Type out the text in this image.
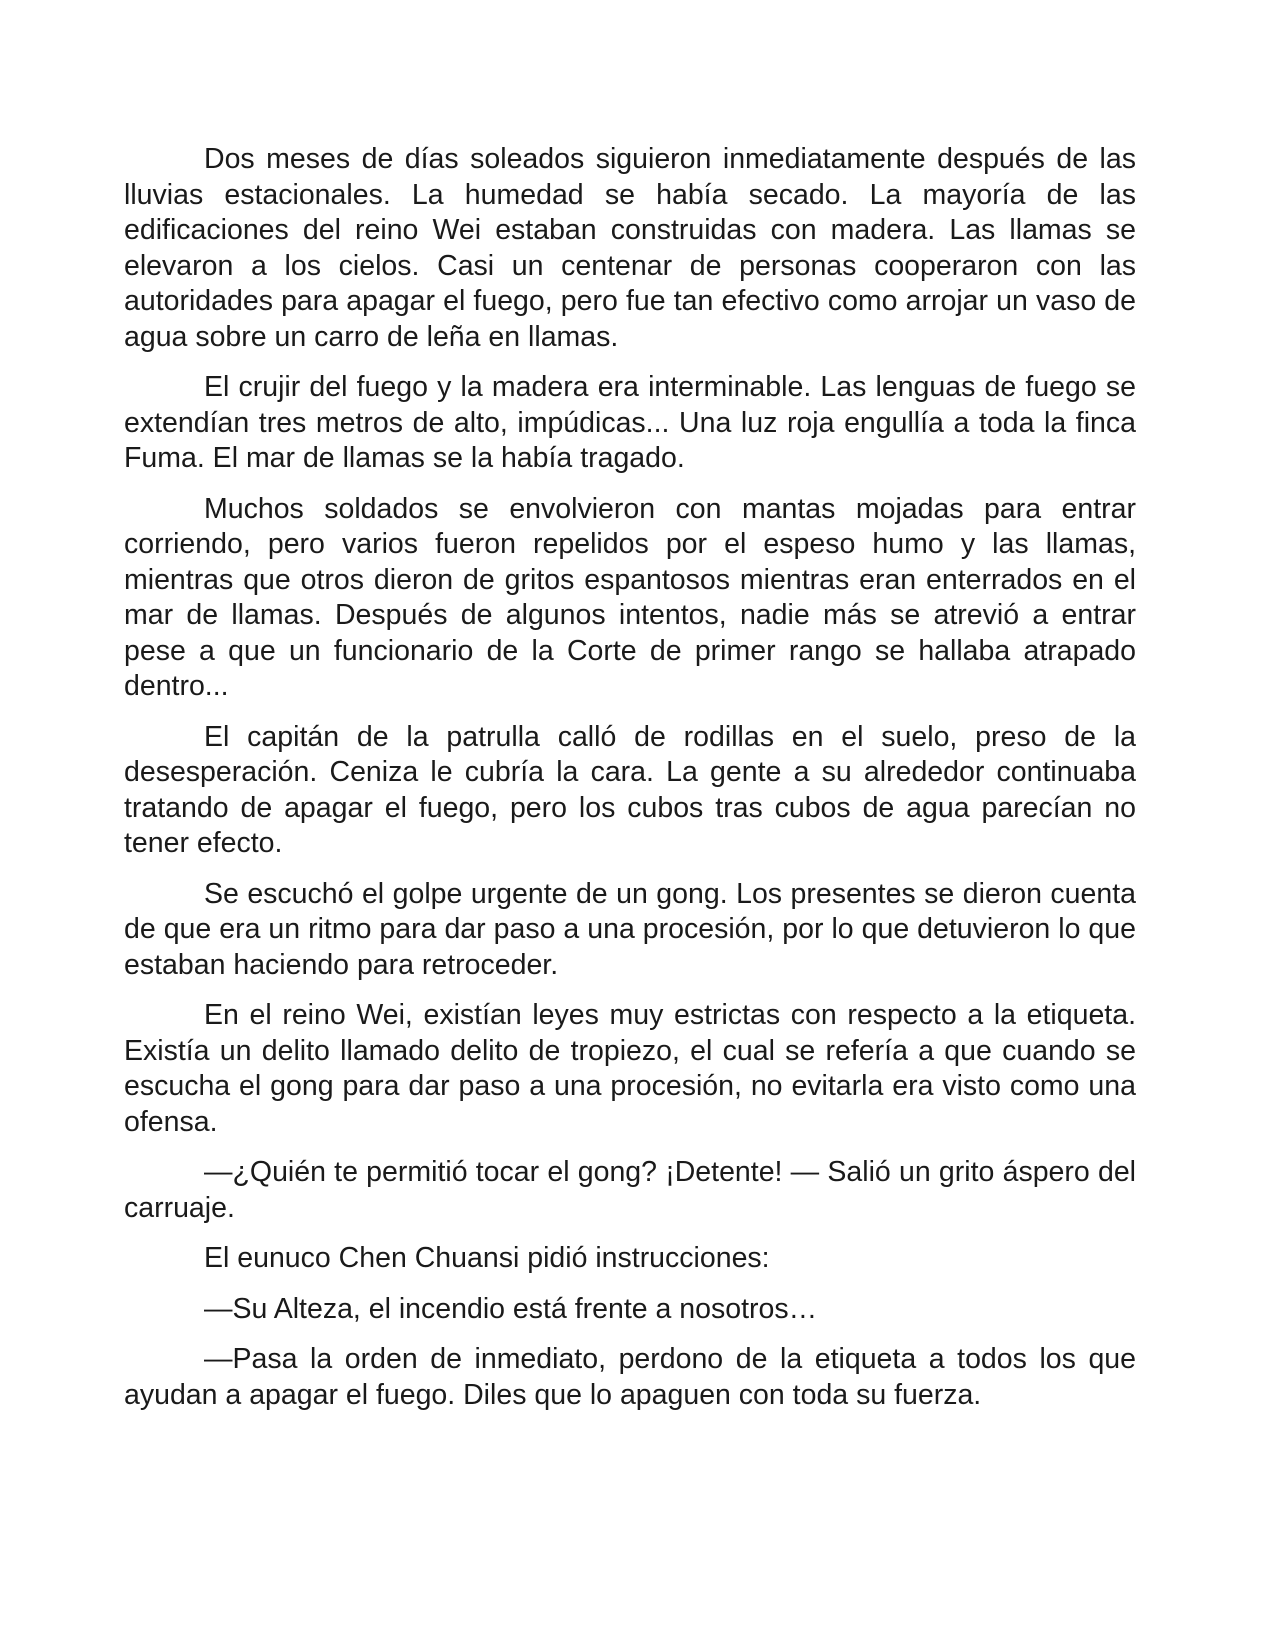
Dos meses de días soleados siguieron inmediatamente después de las lluvias estacionales. La humedad se había secado. La mayoría de las edificaciones del reino Wei estaban construidas con madera. Las llamas se elevaron a los cielos. Casi un centenar de personas cooperaron con las autoridades para apagar el fuego, pero fue tan efectivo como arrojar un vaso de agua sobre un carro de leña en llamas.

El crujir del fuego y la madera era interminable. Las lenguas de fuego se extendían tres metros de alto, impúdicas... Una luz roja engullía a toda la finca Fuma. El mar de llamas se la había tragado.

Muchos soldados se envolvieron con mantas mojadas para entrar corriendo, pero varios fueron repelidos por el espeso humo y las llamas, mientras que otros dieron de gritos espantosos mientras eran enterrados en el mar de llamas. Después de algunos intentos, nadie más se atrevió a entrar pese a que un funcionario de la Corte de primer rango se hallaba atrapado dentro...

El capitán de la patrulla calló de rodillas en el suelo, preso de la desesperación. Ceniza le cubría la cara. La gente a su alrededor continuaba tratando de apagar el fuego, pero los cubos tras cubos de agua parecían no tener efecto.

Se escuchó el golpe urgente de un gong. Los presentes se dieron cuenta de que era un ritmo para dar paso a una procesión, por lo que detuvieron lo que estaban haciendo para retroceder.

En el reino Wei, existían leyes muy estrictas con respecto a la etiqueta. Existía un delito llamado delito de tropiezo, el cual se refería a que cuando se escucha el gong para dar paso a una procesión, no evitarla era visto como una ofensa.

—¿Quién te permitió tocar el gong? ¡Detente! — Salió un grito áspero del carruaje.

El eunuco Chen Chuansi pidió instrucciones:

—Su Alteza, el incendio está frente a nosotros…

—Pasa la orden de inmediato, perdono de la etiqueta a todos los que ayudan a apagar el fuego. Diles que lo apaguen con toda su fuerza.
